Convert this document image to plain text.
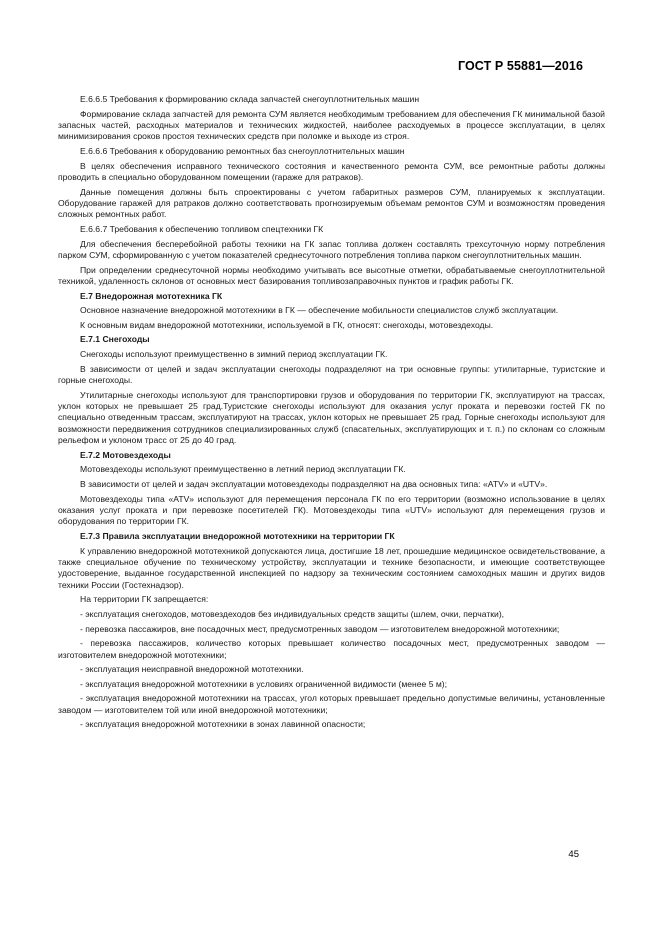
ГОСТ Р 55881—2016

Е.6.6.5 Требования к формированию склада запчастей снегоуплотнительных машин

Формирование склада запчастей для ремонта СУМ является необходимым требованием для обеспечения ГК минимальной базой запасных частей, расходных материалов и технических жидкостей, наиболее расходуемых в процессе эксплуатации, в целях минимизирования сроков простоя технических средств при поломке и выходе из строя.

Е.6.6.6 Требования к оборудованию ремонтных баз снегоуплотнительных машин

В целях обеспечения исправного технического состояния и качественного ремонта СУМ, все ремонтные работы должны проводить в специально оборудованном помещении (гараже для ратраков).

Данные помещения должны быть спроектированы с учетом габаритных размеров СУМ, планируемых к эксплуатации. Оборудование гаражей для ратраков должно соответствовать прогнозируемым объемам ремонтов СУМ и возможностям проведения сложных ремонтных работ.

Е.6.6.7 Требования к обеспечению топливом спецтехники ГК

Для обеспечения бесперебойной работы техники на ГК запас топлива должен составлять трехсуточную норму потребления парком СУМ, сформированную с учетом показателей среднесуточного потребления топлива парком снегоуплотнительных машин.

При определении среднесуточной нормы необходимо учитывать все высотные отметки, обрабатываемые снегоуплотнительной техникой, удаленность склонов от основных мест базирования топливозаправочных пунктов и график работы ГК.

Е.7 Внедорожная мототехника ГК

Основное назначение внедорожной мототехники в ГК — обеспечение мобильности специалистов служб эксплуатации.

К основным видам внедорожной мототехники, используемой в ГК, относят: снегоходы, мотовездеходы.

Е.7.1 Снегоходы

Снегоходы используют преимущественно в зимний период эксплуатации ГК.

В зависимости от целей и задач эксплуатации снегоходы подразделяют на три основные группы: утилитарные, туристские и горные снегоходы.

Утилитарные снегоходы используют для транспортировки грузов и оборудования по территории ГК, эксплуатируют на трассах, уклон которых не превышает 25 град.Туристские снегоходы используют для оказания услуг проката и перевозки гостей ГК по специально отведенным трассам, эксплуатируют на трассах, уклон которых не превышает 25 град. Горные снегоходы используют для возможности передвижения сотрудников специализированных служб (спасательных, эксплуатирующих и т. п.) по склонам со сложным рельефом и уклоном трасс от 25 до 40 град.

Е.7.2 Мотовездеходы

Мотовездеходы используют преимущественно в летний период эксплуатации ГК.

В зависимости от целей и задач эксплуатации мотовездеходы подразделяют на два основных типа: «ATV» и «UTV».

Мотовездеходы типа «ATV» используют для перемещения персонала ГК по его территории (возможно использование в целях оказания услуг проката и при перевозке посетителей ГК). Мотовездеходы типа «UTV» используют для перемещения грузов и оборудования по территории ГК.

Е.7.3 Правила эксплуатации внедорожной мототехники на территории ГК

К управлению внедорожной мототехникой допускаются лица, достигшие 18 лет, прошедшие медицинское освидетельствование, а также специальное обучение по техническому устройству, эксплуатации и технике безопасности, и имеющие соответствующее удостоверение, выданное государственной инспекцией по надзору за техническим состоянием самоходных машин и других видов техники России (Гостехнадзор).

На территории ГК запрещается:

- эксплуатация снегоходов, мотовездеходов без индивидуальных средств защиты (шлем, очки, перчатки),

- перевозка пассажиров, вне посадочных мест, предусмотренных заводом — изготовителем внедорожной мототехники;

- перевозка пассажиров, количество которых превышает количество посадочных мест, предусмотренных заводом — изготовителем внедорожной мототехники;

- эксплуатация неисправной внедорожной мототехники.

- эксплуатация внедорожной мототехники в условиях ограниченной видимости (менее 5 м);

- эксплуатация внедорожной мототехники на трассах, угол которых превышает предельно допустимые величины, установленные заводом — изготовителем той или иной внедорожной мототехники;

- эксплуатация внедорожной мототехники в зонах лавинной опасности;

45
